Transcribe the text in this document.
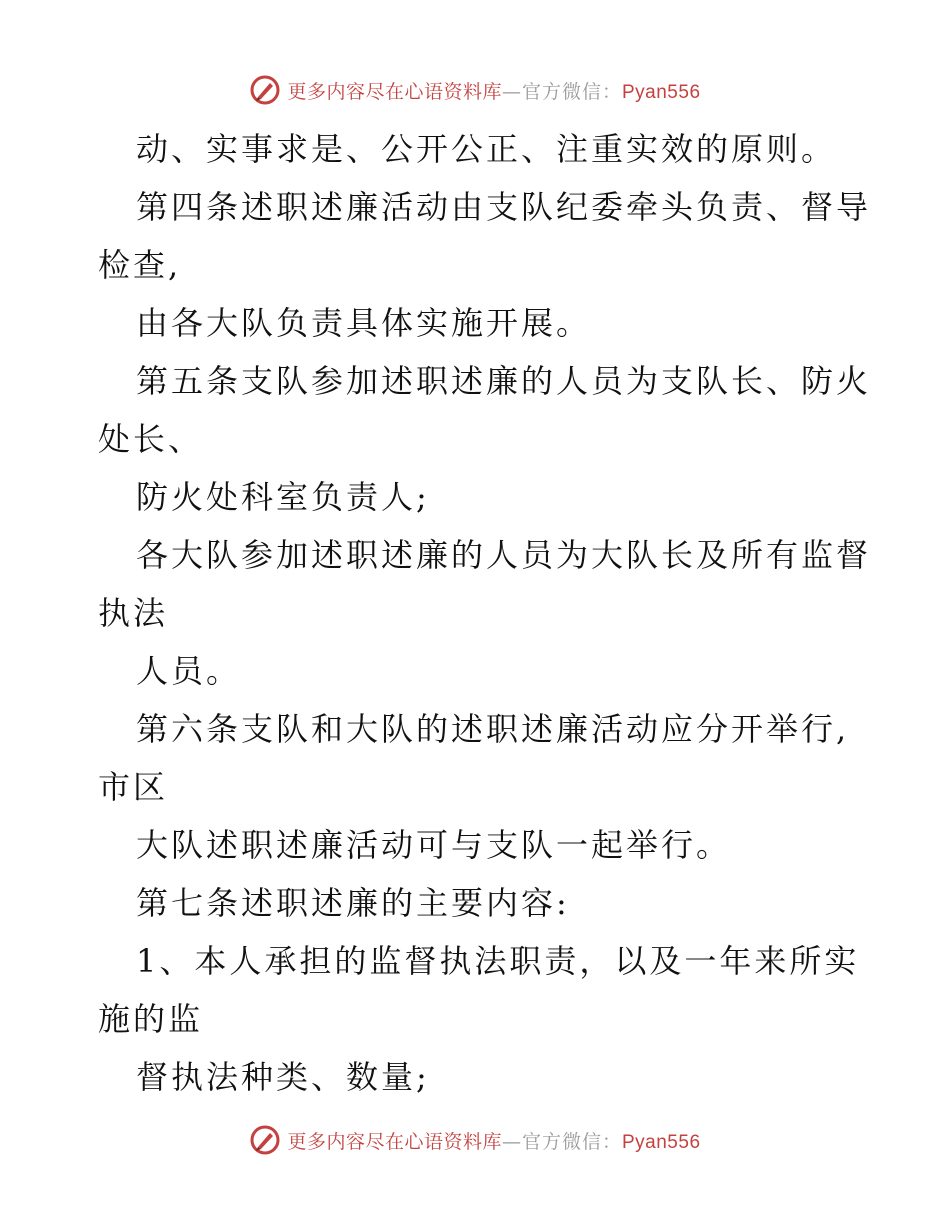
更多内容尽在心语资料库—官方微信：Pyan556
动、实事求是、公开公正、注重实效的原则。
第四条述职述廉活动由支队纪委牵头负责、督导
检查,
由各大队负责具体实施开展。
第五条支队参加述职述廉的人员为支队长、防火
处长、
防火处科室负责人;
各大队参加述职述廉的人员为大队长及所有监督
执法
人员。
第六条支队和大队的述职述廉活动应分开举行,
市区
大队述职述廉活动可与支队一起举行。
第七条述职述廉的主要内容:
1、本人承担的监督执法职责，以及一年来所实
施的监
督执法种类、数量;
更多内容尽在心语资料库—官方微信：Pyan556
